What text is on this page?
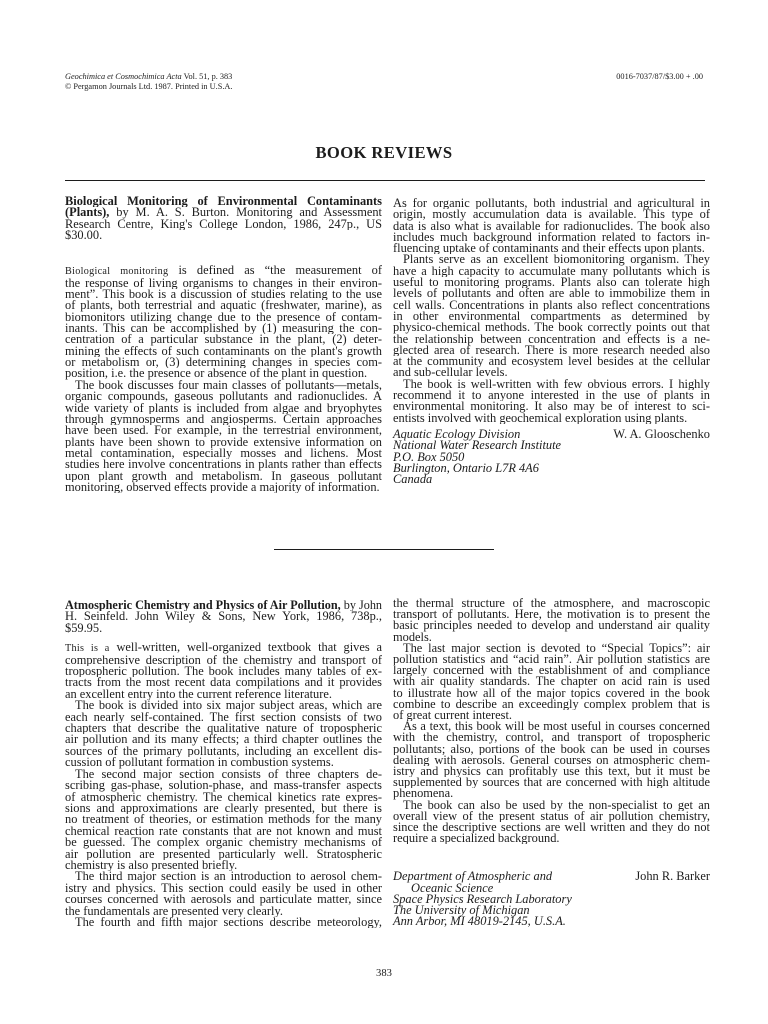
Geochimica et Cosmochimica Acta Vol. 51, p. 383
© Pergamon Journals Ltd. 1987. Printed in U.S.A.
0016-7037/87/$3.00 + .00
BOOK REVIEWS
Biological Monitoring of Environmental Contaminants
(Plants), by M. A. S. Burton. Monitoring and Assessment
Research Centre, King's College London, 1986, 247p., US
$30.00.
Biological monitoring is defined as “the measurement of
the response of living organisms to changes in their environ-
ment”. This book is a discussion of studies relating to the use
of plants, both terrestrial and aquatic (freshwater, marine), as
biomonitors utilizing change due to the presence of contam-
inants. This can be accomplished by (1) measuring the con-
centration of a particular substance in the plant, (2) deter-
mining the effects of such contaminants on the plant's growth
or metabolism or, (3) determining changes in species com-
position, i.e. the presence or absence of the plant in question.
The book discusses four main classes of pollutants—metals,
organic compounds, gaseous pollutants and radionuclides. A
wide variety of plants is included from algae and bryophytes
through gymnosperms and angiosperms. Certain approaches
have been used. For example, in the terrestrial environment,
plants have been shown to provide extensive information on
metal contamination, especially mosses and lichens. Most
studies here involve concentrations in plants rather than effects
upon plant growth and metabolism. In gaseous pollutant
monitoring, observed effects provide a majority of information.
As for organic pollutants, both industrial and agricultural in
origin, mostly accumulation data is available. This type of
data is also what is available for radionuclides. The book also
includes much background information related to factors in-
fluencing uptake of contaminants and their effects upon plants.
Plants serve as an excellent biomonitoring organism. They
have a high capacity to accumulate many pollutants which is
useful to monitoring programs. Plants also can tolerate high
levels of pollutants and often are able to immobilize them in
cell walls. Concentrations in plants also reflect concentrations
in other environmental compartments as determined by
physico-chemical methods. The book correctly points out that
the relationship between concentration and effects is a ne-
glected area of research. There is more research needed also
at the community and ecosystem level besides at the cellular
and sub-cellular levels.
The book is well-written with few obvious errors. I highly
recommend it to anyone interested in the use of plants in
environmental monitoring. It also may be of interest to sci-
entists involved with geochemical exploration using plants.
Aquatic Ecology Division	W. A. Glooschenko
National Water Research Institute
P.O. Box 5050
Burlington, Ontario L7R 4A6
Canada
Atmospheric Chemistry and Physics of Air Pollution, by John
H. Seinfeld. John Wiley & Sons, New York, 1986, 738p.,
$59.95.
This is a well-written, well-organized textbook that gives a
comprehensive description of the chemistry and transport of
tropospheric pollution. The book includes many tables of ex-
tracts from the most recent data compilations and it provides
an excellent entry into the current reference literature.
The book is divided into six major subject areas, which are
each nearly self-contained. The first section consists of two
chapters that describe the qualitative nature of tropospheric
air pollution and its many effects; a third chapter outlines the
sources of the primary pollutants, including an excellent dis-
cussion of pollutant formation in combustion systems.
The second major section consists of three chapters de-
scribing gas-phase, solution-phase, and mass-transfer aspects
of atmospheric chemistry. The chemical kinetics rate expres-
sions and approximations are clearly presented, but there is
no treatment of theories, or estimation methods for the many
chemical reaction rate constants that are not known and must
be guessed. The complex organic chemistry mechanisms of
air pollution are presented particularly well. Stratospheric
chemistry is also presented briefly.
The third major section is an introduction to aerosol chem-
istry and physics. This section could easily be used in other
courses concerned with aerosols and particulate matter, since
the fundamentals are presented very clearly.
The fourth and fifth major sections describe meteorology,
the thermal structure of the atmosphere, and macroscopic
transport of pollutants. Here, the motivation is to present the
basic principles needed to develop and understand air quality
models.
The last major section is devoted to “Special Topics”: air
pollution statistics and “acid rain”. Air pollution statistics are
largely concerned with the establishment of and compliance
with air quality standards. The chapter on acid rain is used
to illustrate how all of the major topics covered in the book
combine to describe an exceedingly complex problem that is
of great current interest.
As a text, this book will be most useful in courses concerned
with the chemistry, control, and transport of tropospheric
pollutants; also, portions of the book can be used in courses
dealing with aerosols. General courses on atmospheric chem-
istry and physics can profitably use this text, but it must be
supplemented by sources that are concerned with high altitude
phenomena.
The book can also be used by the non-specialist to get an
overall view of the present status of air pollution chemistry,
since the descriptive sections are well written and they do not
require a specialized background.
Department of Atmospheric and	John R. Barker
Oceanic Science
Space Physics Research Laboratory
The University of Michigan
Ann Arbor, MI 48019-2145, U.S.A.
383
